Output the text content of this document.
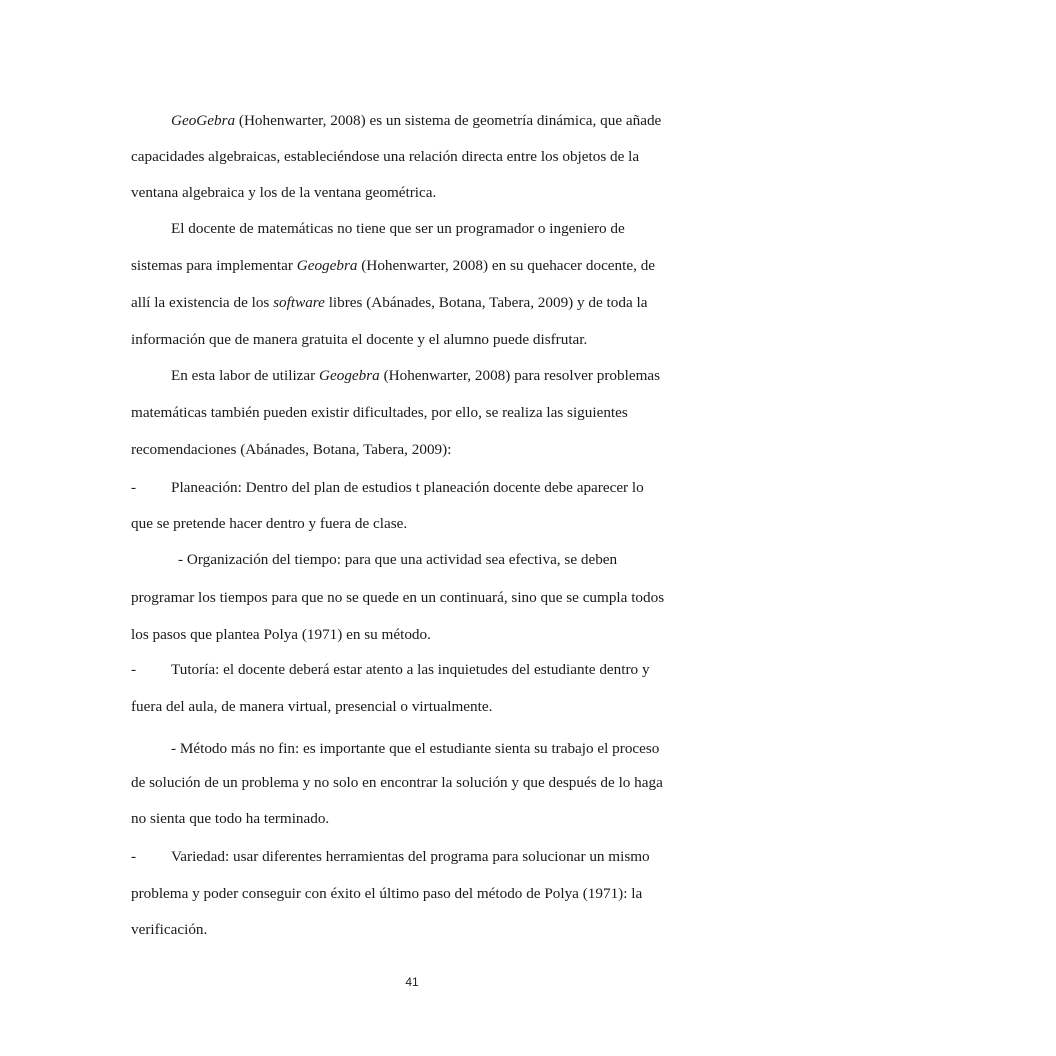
GeoGebra (Hohenwarter, 2008) es un sistema de geometría dinámica, que añade
capacidades algebraicas, estableciéndose una relación directa entre los objetos de la
ventana algebraica y los de la ventana geométrica.
El docente de matemáticas no tiene que ser un programador o ingeniero de
sistemas para implementar Geogebra (Hohenwarter, 2008) en su quehacer docente, de
allí la existencia de los software libres (Abánades, Botana, Tabera, 2009) y de toda la
información que de manera gratuita el docente y el alumno puede disfrutar.
En esta labor de utilizar Geogebra (Hohenwarter, 2008) para resolver problemas
matemáticas también pueden existir dificultades, por ello, se realiza las siguientes
recomendaciones (Abánades, Botana, Tabera, 2009):
- Planeación: Dentro del plan de estudios t planeación docente debe aparecer lo
que se pretende hacer dentro y fuera de clase.
- Organización del tiempo: para que una actividad sea efectiva, se deben
programar los tiempos para que no se quede en un continuará, sino que se cumpla todos
los pasos que plantea Polya (1971) en su método.
- Tutoría: el docente deberá estar atento a las inquietudes del estudiante dentro y
fuera del aula, de manera virtual, presencial o virtualmente.
- Método más no fin: es importante que el estudiante sienta su trabajo el proceso
de solución de un problema y no solo en encontrar la solución y que después de lo haga
no sienta que todo ha terminado.
- Variedad: usar diferentes herramientas del programa para solucionar un mismo
problema y poder conseguir con éxito el último paso del método de Polya (1971): la
verificación.
41
